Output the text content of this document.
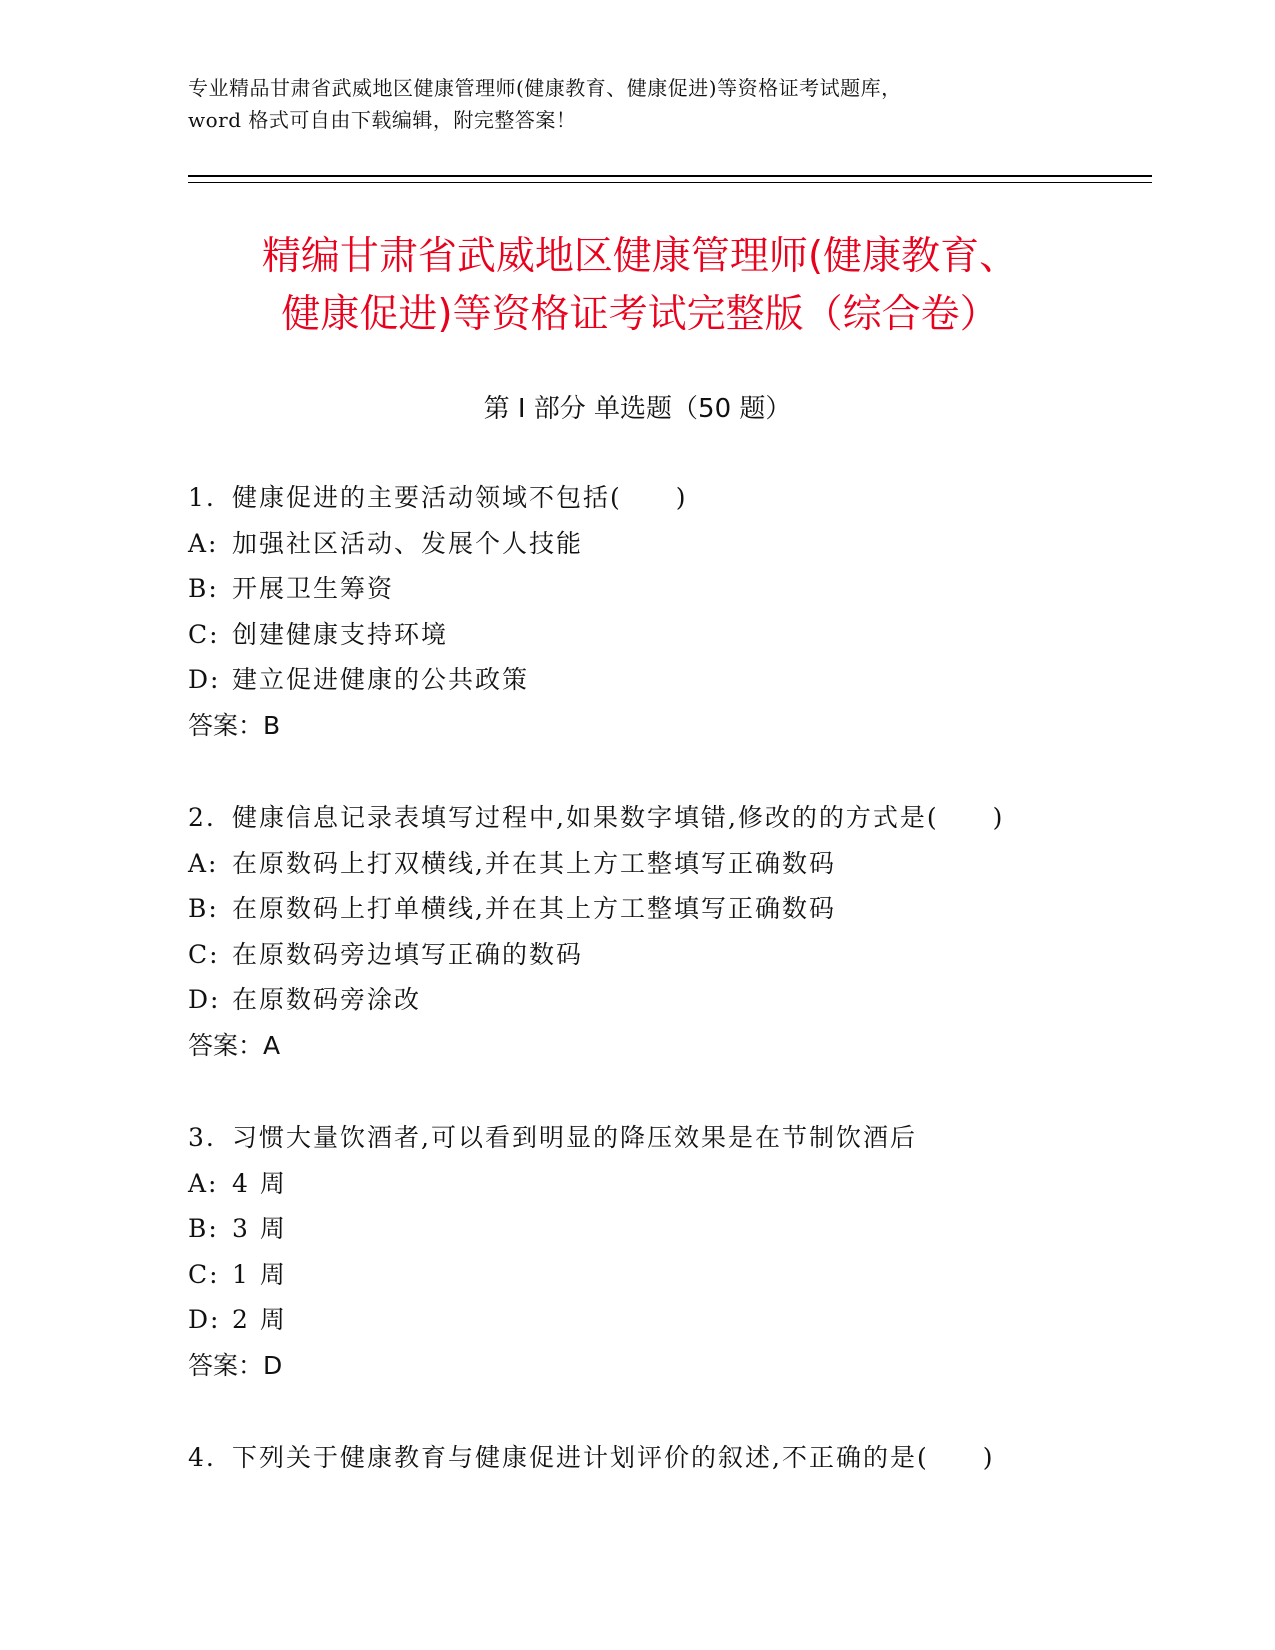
专业精品甘肃省武威地区健康管理师(健康教育、健康促进)等资格证考试题库，
word 格式可自由下载编辑，附完整答案！
精编甘肃省武威地区健康管理师(健康教育、
健康促进)等资格证考试完整版（综合卷）
第 I 部分 单选题（50 题）
1. 健康促进的主要活动领域不包括(　　)
A: 加强社区活动、发展个人技能
B: 开展卫生筹资
C: 创建健康支持环境
D: 建立促进健康的公共政策
答案：B
2. 健康信息记录表填写过程中,如果数字填错,修改的的方式是(　　)
A: 在原数码上打双横线,并在其上方工整填写正确数码
B: 在原数码上打单横线,并在其上方工整填写正确数码
C: 在原数码旁边填写正确的数码
D: 在原数码旁涂改
答案：A
3. 习惯大量饮酒者,可以看到明显的降压效果是在节制饮酒后
A: 4 周
B: 3 周
C: 1 周
D: 2 周
答案：D
4. 下列关于健康教育与健康促进计划评价的叙述,不正确的是(　　)
